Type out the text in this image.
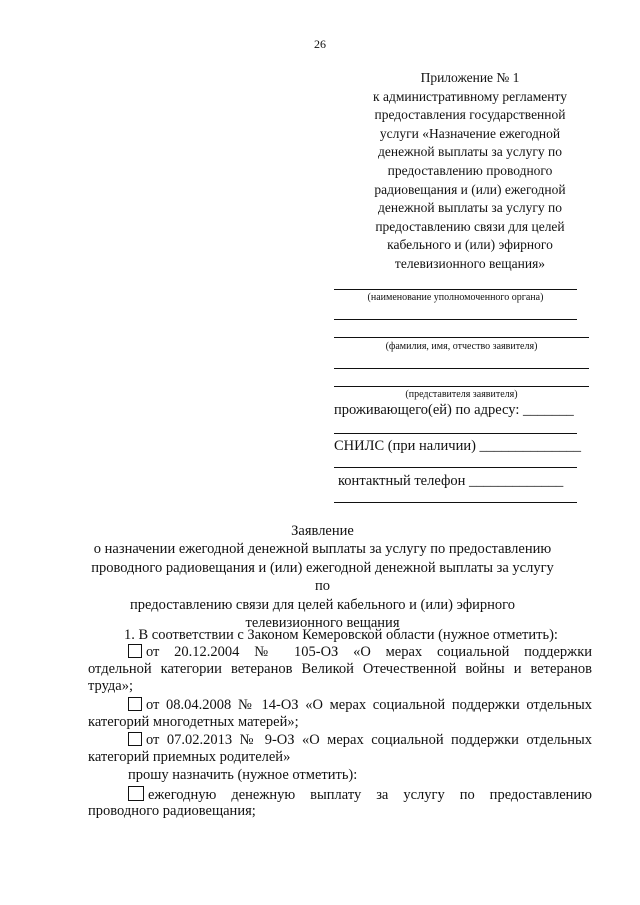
26
Приложение № 1
к административному регламенту
предоставления государственной
услуги «Назначение ежегодной
денежной выплаты за услугу по
предоставлению проводного
радиовещания и (или) ежегодной
денежной выплаты за услугу по
предоставлению связи для целей
кабельного и (или) эфирного
телевизионного вещания»
(наименование уполномоченного органа)
(фамилия, имя, отчество заявителя)
(представителя заявителя)
проживающего(ей) по адресу: _______
СНИЛС (при наличии) ______________
контактный телефон _____________
Заявление
о назначении ежегодной денежной выплаты за услугу по предоставлению
проводного радиовещания и (или) ежегодной денежной выплаты за услугу по
предоставлению связи для целей кабельного и (или) эфирного
телевизионного вещания
1. В соответствии с Законом Кемеровской области (нужное отметить):
от 20.12.2004 № 105-ОЗ «О мерах социальной поддержки
отдельной категории ветеранов Великой Отечественной войны и ветеранов
труда»;
от 08.04.2008 № 14-ОЗ «О мерах социальной поддержки отдельных
категорий многодетных матерей»;
от 07.02.2013 № 9-ОЗ «О мерах социальной поддержки отдельных
категорий приемных родителей»
прошу назначить (нужное отметить):
ежегодную денежную выплату за услугу по предоставлению
проводного радиовещания;
